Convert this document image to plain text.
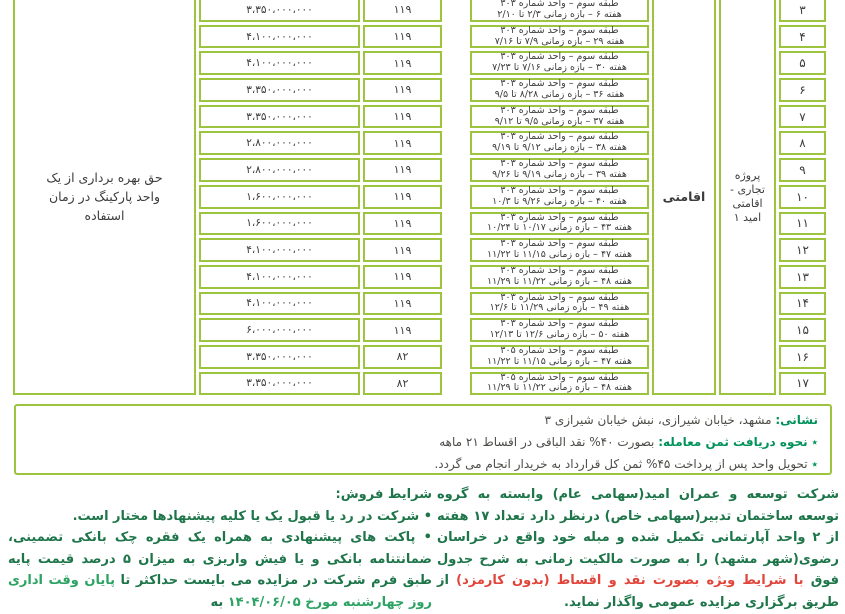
۳
طبقه سوم – واحد شماره ۳۰۳
هفته ۶ – بازه زمانی ۲/۳ تا ۲/۱۰
۱۱۹
۳،۳۵۰،۰۰۰،۰۰۰
۴
طبقه سوم – واحد شماره ۳۰۳
هفته ۲۹ – بازه زمانی ۷/۹ تا ۷/۱۶
۱۱۹
۴،۱۰۰،۰۰۰،۰۰۰
۵
طبقه سوم – واحد شماره ۳۰۳
هفته ۳۰ – بازه زمانی ۷/۱۶ تا ۷/۲۳
۱۱۹
۴،۱۰۰،۰۰۰،۰۰۰
۶
طبقه سوم – واحد شماره ۳۰۳
هفته ۳۶ – بازه زمانی ۸/۲۸ تا ۹/۵
۱۱۹
۳،۳۵۰،۰۰۰،۰۰۰
۷
طبقه سوم – واحد شماره ۳۰۳
هفته ۳۷ – بازه زمانی ۹/۵ تا ۹/۱۲
۱۱۹
۳،۳۵۰،۰۰۰،۰۰۰
۸
طبقه سوم – واحد شماره ۳۰۳
هفته ۳۸ – بازه زمانی ۹/۱۲ تا ۹/۱۹
۱۱۹
۲،۸۰۰،۰۰۰،۰۰۰
۹
طبقه سوم – واحد شماره ۳۰۳
هفته ۳۹ – بازه زمانی ۹/۱۹ تا ۹/۲۶
۱۱۹
۲،۸۰۰،۰۰۰،۰۰۰
۱۰
طبقه سوم – واحد شماره ۳۰۳
هفته ۴۰ – بازه زمانی ۹/۲۶ تا ۱۰/۳
۱۱۹
۱،۶۰۰،۰۰۰،۰۰۰
۱۱
طبقه سوم – واحد شماره ۳۰۳
هفته ۴۳ – بازه زمانی ۱۰/۱۷ تا ۱۰/۲۴
۱۱۹
۱،۶۰۰،۰۰۰،۰۰۰
۱۲
طبقه سوم – واحد شماره ۳۰۳
هفته ۴۷ – بازه زمانی ۱۱/۱۵ تا ۱۱/۲۲
۱۱۹
۴،۱۰۰،۰۰۰،۰۰۰
۱۳
طبقه سوم – واحد شماره ۳۰۳
هفته ۴۸ – بازه زمانی ۱۱/۲۲ تا ۱۱/۲۹
۱۱۹
۴،۱۰۰،۰۰۰،۰۰۰
۱۴
طبقه سوم – واحد شماره ۳۰۳
هفته ۴۹ – بازه زمانی ۱۱/۲۹ تا ۱۲/۶
۱۱۹
۴،۱۰۰،۰۰۰،۰۰۰
۱۵
طبقه سوم – واحد شماره ۳۰۳
هفته ۵۰ – بازه زمانی ۱۲/۶ تا ۱۲/۱۳
۱۱۹
۶،۰۰۰،۰۰۰،۰۰۰
۱۶
طبقه سوم – واحد شماره ۳۰۵
هفته ۴۷ – بازه زمانی ۱۱/۱۵ تا ۱۱/۲۲
۸۲
۳،۳۵۰،۰۰۰،۰۰۰
۱۷
طبقه سوم – واحد شماره ۳۰۵
هفته ۴۸ – بازه زمانی ۱۱/۲۲ تا ۱۱/۲۹
۸۲
۳،۳۵۰،۰۰۰،۰۰۰
پروژه تجاری - اقامتی امید ۱
اقامتی
حق بهره برداری از یک واحد پارکینگ در زمان استفاده
نشانی: مشهد، خیابان شیرازی، نبش خیابان شیرازی ۳
٭ نحوه دریافت ثمن معامله: بصورت ۴۰% نقد الباقی در اقساط ۲۱ ماهه
٭ تحویل واحد پس از پرداخت ۴۵% ثمن کل قرارداد به خریدار انجام می گردد.

شرکت توسعه و عمران امید(سهامی عام) وابسته به گروه توسعه ساختمان تدبیر(سهامی خاص) درنظر دارد تعداد ۱۷ هفته از ۲ واحد آپارتمانی تکمیل شده و مبله خود واقع در خراسان رضوی(شهر مشهد) را به صورت مالکیت زمانی به شرح جدول فوق با شرایط ویژه بصورت نقد و اقساط (بدون کارمزد) از طریق برگزاری مزایده عمومی واگذار نماید.

شرایط فروش:

• شرکت در رد یا قبول یک یا کلیه پیشنهادها مختار است.

• پاکت های پیشنهادی به همراه یک فقره چک بانکی تضمینی، ضمانتنامه بانکی و یا فیش واریزی به میزان ۵ درصد قیمت پایه طبق فرم شرکت در مزایده می بایست حداکثر تا پایان وقت اداری روز چهارشنبه مورخ ۱۴۰۴/۰۶/۰۵ به
